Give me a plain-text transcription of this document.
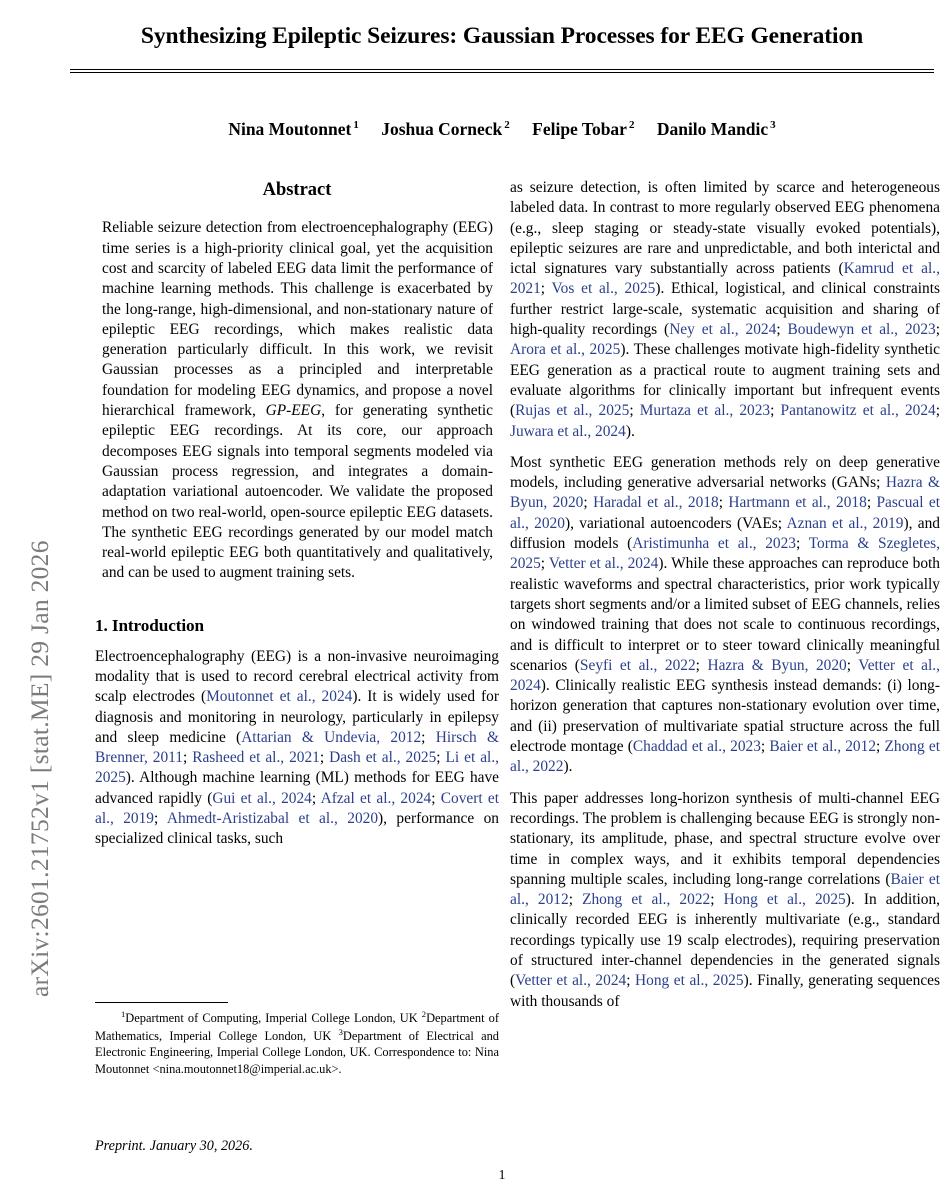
arXiv:2601.21752v1 [stat.ME] 29 Jan 2026
Synthesizing Epileptic Seizures: Gaussian Processes for EEG Generation
Nina Moutonnet $^1$ Joshua Corneck $^2$ Felipe Tobar $^2$ Danilo Mandic $^3$
Abstract

Reliable seizure detection from electroencephalography (EEG) time series is a high-priority clinical goal, yet the acquisition cost and scarcity of labeled EEG data limit the performance of machine learning methods. This challenge is exacerbated by the long-range, high-dimensional, and non-stationary nature of epileptic EEG recordings, which makes realistic data generation particularly difficult. In this work, we revisit Gaussian processes as a principled and interpretable foundation for modeling EEG dynamics, and propose a novel hierarchical framework, GP-EEG, for generating synthetic epileptic EEG recordings. At its core, our approach decomposes EEG signals into temporal segments modeled via Gaussian process regression, and integrates a domain-adaptation variational autoencoder. We validate the proposed method on two real-world, open-source epileptic EEG datasets. The synthetic EEG recordings generated by our model match real-world epileptic EEG both quantitatively and qualitatively, and can be used to augment training sets.

1. Introduction

Electroencephalography (EEG) is a non-invasive neuroimaging modality that is used to record cerebral electrical activity from scalp electrodes (Moutonnet et al., 2024). It is widely used for diagnosis and monitoring in neurology, particularly in epilepsy and sleep medicine (Attarian & Undevia, 2012; Hirsch & Brenner, 2011; Rasheed et al., 2021; Dash et al., 2025; Li et al., 2025). Although machine learning (ML) methods for EEG have advanced rapidly (Gui et al., 2024; Afzal et al., 2024; Covert et al., 2019; Ahmedt-Aristizabal et al., 2020), performance on specialized clinical tasks, such

$^1$Department of Computing, Imperial College London, UK $^2$Department of Mathematics, Imperial College London, UK $^3$Department of Electrical and Electronic Engineering, Imperial College London, UK. Correspondence to: Nina Moutonnet <nina.moutonnet18@imperial.ac.uk>.
Preprint. January 30, 2026.

as seizure detection, is often limited by scarce and heterogeneous labeled data. In contrast to more regularly observed EEG phenomena (e.g., sleep staging or steady-state visually evoked potentials), epileptic seizures are rare and unpredictable, and both interictal and ictal signatures vary substantially across patients (Kamrud et al., 2021; Vos et al., 2025). Ethical, logistical, and clinical constraints further restrict large-scale, systematic acquisition and sharing of high-quality recordings (Ney et al., 2024; Boudewyn et al., 2023; Arora et al., 2025). These challenges motivate high-fidelity synthetic EEG generation as a practical route to augment training sets and evaluate algorithms for clinically important but infrequent events (Rujas et al., 2025; Murtaza et al., 2023; Pantanowitz et al., 2024; Juwara et al., 2024).

Most synthetic EEG generation methods rely on deep generative models, including generative adversarial networks (GANs; Hazra & Byun, 2020; Haradal et al., 2018; Hartmann et al., 2018; Pascual et al., 2020), variational autoencoders (VAEs; Aznan et al., 2019), and diffusion models (Aristimunha et al., 2023; Torma & Szegletes, 2025; Vetter et al., 2024). While these approaches can reproduce both realistic waveforms and spectral characteristics, prior work typically targets short segments and/or a limited subset of EEG channels, relies on windowed training that does not scale to continuous recordings, and is difficult to interpret or to steer toward clinically meaningful scenarios (Seyfi et al., 2022; Hazra & Byun, 2020; Vetter et al., 2024). Clinically realistic EEG synthesis instead demands: (i) long-horizon generation that captures non-stationary evolution over time, and (ii) preservation of multivariate spatial structure across the full electrode montage (Chaddad et al., 2023; Baier et al., 2012; Zhong et al., 2022).

This paper addresses long-horizon synthesis of multi-channel EEG recordings. The problem is challenging because EEG is strongly non-stationary, its amplitude, phase, and spectral structure evolve over time in complex ways, and it exhibits temporal dependencies spanning multiple scales, including long-range correlations (Baier et al., 2012; Zhong et al., 2022; Hong et al., 2025). In addition, clinically recorded EEG is inherently multivariate (e.g., standard recordings typically use 19 scalp electrodes), requiring preservation of structured inter-channel dependencies in the generated signals (Vetter et al., 2024; Hong et al., 2025). Finally, generating sequences with thousands of

1
